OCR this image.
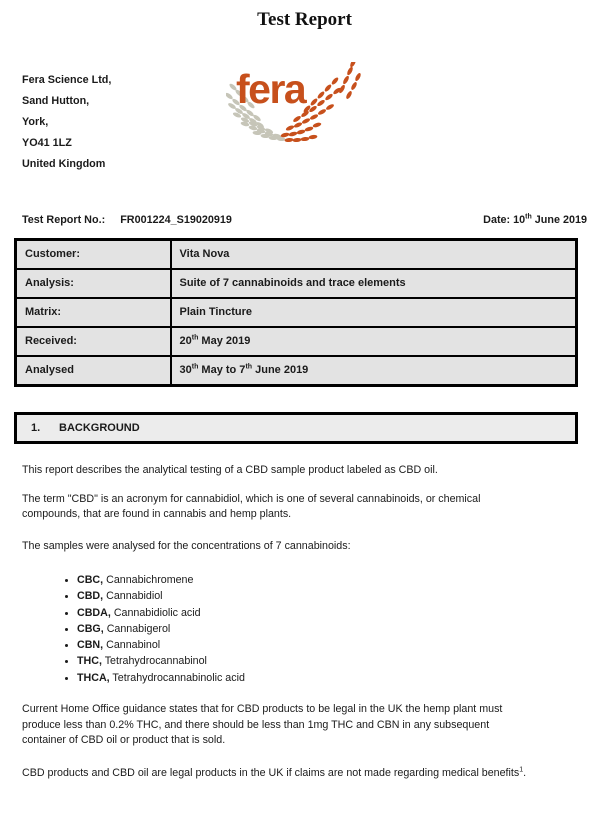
Test Report
Fera Science Ltd,
Sand Hutton,
York,
YO41 1LZ
United Kingdom
fera
Test Report No.: FR001224_S19020919	Date: 10th June 2019
Customer:	Vita Nova
Analysis:	Suite of 7 cannabinoids and trace elements
Matrix:	Plain Tincture
Received:	20th May 2019
Analysed	30th May to 7th June 2019
1. BACKGROUND
This report describes the analytical testing of a CBD sample product labeled as CBD oil.
The term "CBD" is an acronym for cannabidiol, which is one of several cannabinoids, or chemical
compounds, that are found in cannabis and hemp plants.
The samples were analysed for the concentrations of 7 cannabinoids:
• CBC, Cannabichromene
• CBD, Cannabidiol
• CBDA, Cannabidiolic acid
• CBG, Cannabigerol
• CBN, Cannabinol
• THC, Tetrahydrocannabinol
• THCA, Tetrahydrocannabinolic acid
Current Home Office guidance states that for CBD products to be legal in the UK the hemp plant must
produce less than 0.2% THC, and there should be less than 1mg THC and CBN in any subsequent
container of CBD oil or product that is sold.
CBD products and CBD oil are legal products in the UK if claims are not made regarding medical benefits$^1$.
